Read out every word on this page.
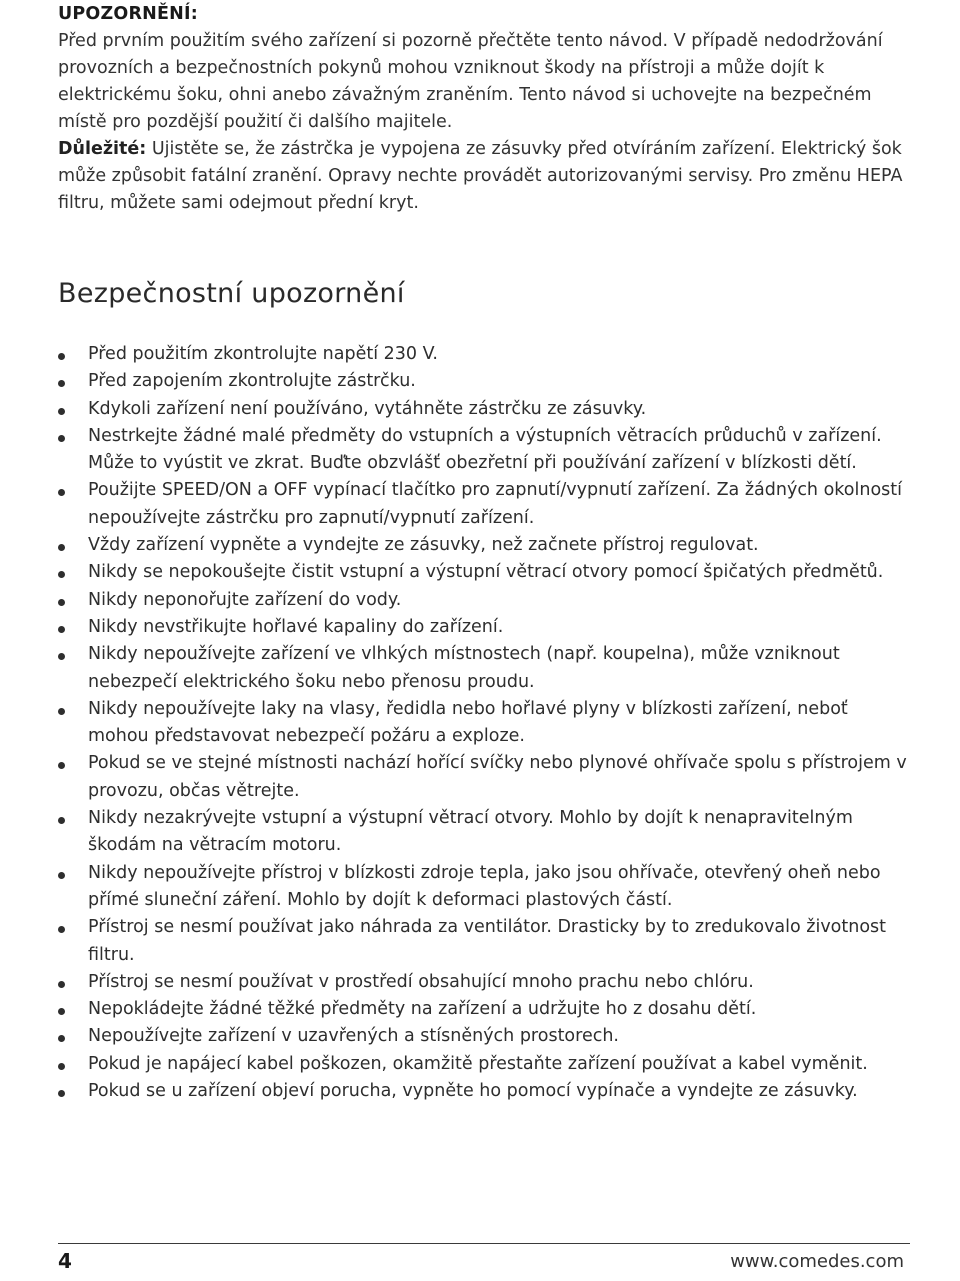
UPOZORNĚNÍ:

Před prvním použitím svého zařízení si pozorně přečtěte tento návod. V případě nedodržování provozních a bezpečnostních pokynů mohou vzniknout škody na přístroji a může dojít k elektrickému šoku, ohni anebo závažným zraněním. Tento návod si uchovejte na bezpečném místě pro pozdější použití či dalšího majitele.

Důležité: Ujistěte se, že zástrčka je vypojena ze zásuvky před otvíráním zařízení. Elektrický šok může způsobit fatální zranění. Opravy nechte provádět autorizovanými servisy. Pro změnu HEPA filtru, můžete sami odejmout přední kryt.

Bezpečnostní upozornění
Před použitím zkontrolujte napětí 230 V.
Před zapojením zkontrolujte zástrčku.
Kdykoli zařízení není používáno, vytáhněte zástrčku ze zásuvky.
Nestrkejte žádné malé předměty do vstupních a výstupních větracích průduchů v zařízení. Může to vyústit ve zkrat. Buďte obzvlášť obezřetní při používání zařízení v blízkosti dětí.
Použijte SPEED/ON a OFF vypínací tlačítko pro zapnutí/vypnutí zařízení. Za žádných okolností nepoužívejte zástrčku pro zapnutí/vypnutí zařízení.
Vždy zařízení vypněte a vyndejte ze zásuvky, než začnete přístroj regulovat.
Nikdy se nepokoušejte čistit vstupní a výstupní větrací otvory pomocí špičatých předmětů.
Nikdy neponořujte zařízení do vody.
Nikdy nevstřikujte hořlavé kapaliny do zařízení.
Nikdy nepoužívejte zařízení ve vlhkých místnostech (např. koupelna), může vzniknout nebezpečí elektrického šoku nebo přenosu proudu.
Nikdy nepoužívejte laky na vlasy, ředidla nebo hořlavé plyny v blízkosti zařízení, neboť mohou představovat nebezpečí požáru a exploze.
Pokud se ve stejné místnosti nachází hořící svíčky nebo plynové ohřívače spolu s přístrojem v provozu, občas větrejte.
Nikdy nezakrývejte vstupní a výstupní větrací otvory. Mohlo by dojít k nenapravitelným škodám na větracím motoru.
Nikdy nepoužívejte přístroj v blízkosti zdroje tepla, jako jsou ohřívače, otevřený oheň nebo přímé sluneční záření. Mohlo by dojít k deformaci plastových částí.
Přístroj se nesmí používat jako náhrada za ventilátor. Drasticky by to zredukovalo životnost filtru.
Přístroj se nesmí používat v prostředí obsahující mnoho prachu nebo chlóru.
Nepokládejte žádné těžké předměty na zařízení a udržujte ho z dosahu dětí.
Nepoužívejte zařízení v uzavřených a stísněných prostorech.
Pokud je napájecí kabel poškozen, okamžitě přestaňte zařízení používat a kabel vyměnit.
Pokud se u zařízení objeví porucha, vypněte ho pomocí vypínače a vyndejte ze zásuvky.
4	www.comedes.com
